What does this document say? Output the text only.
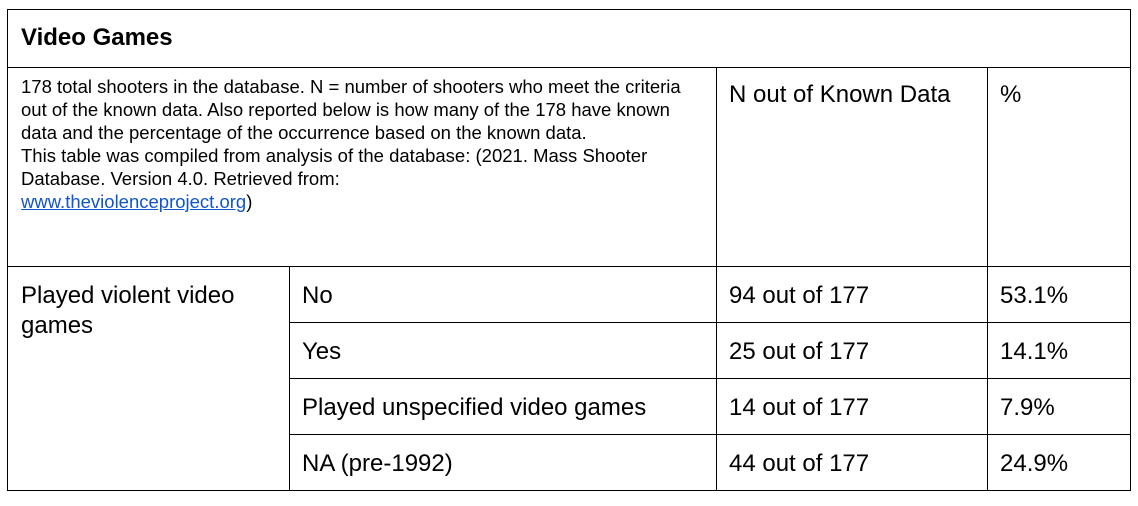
Video Games			

178 total shooters in the database. N = number of shooters who meet the criteria out of the known data. Also reported below is how many of the 178 have known data and the percentage of the occurrence based on the known data.
This table was compiled from analysis of the database: (2021. Mass Shooter Database. Version 4.0. Retrieved from:
www.theviolenceproject.org)		N out of Known Data	%

Played violent video games	No	94 out of 177	53.1%

	Yes	25 out of 177	14.1%

	Played unspecified video games	14 out of 177	7.9%

	NA (pre-1992)	44 out of 177	24.9%
